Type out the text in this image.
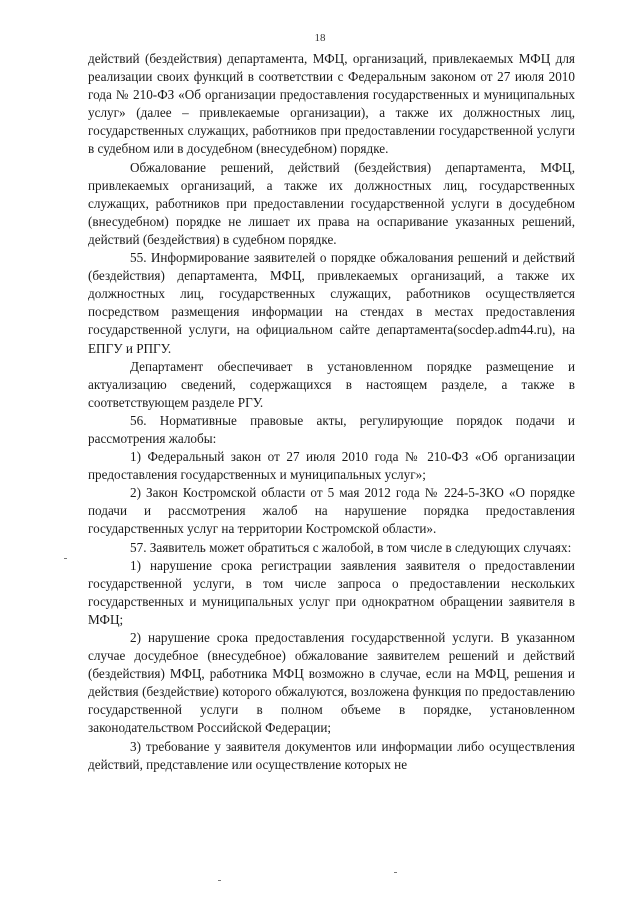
18

действий (бездействия) департамента, МФЦ, организаций, привлекаемых МФЦ для реализации своих функций в соответствии с Федеральным законом от 27 июля 2010 года № 210-ФЗ «Об организации предоставления государственных и муниципальных услуг» (далее – привлекаемые организации), а также их должностных лиц, государственных служащих, работников при предоставлении государственной услуги в судебном или в досудебном (внесудебном) порядке.

Обжалование решений, действий (бездействия) департамента, МФЦ, привлекаемых организаций, а также их должностных лиц, государственных служащих, работников при предоставлении государственной услуги в досудебном (внесудебном) порядке не лишает их права на оспаривание указанных решений, действий (бездействия) в судебном порядке.

55. Информирование заявителей о порядке обжалования решений и действий (бездействия) департамента, МФЦ, привлекаемых организаций, а также их должностных лиц, государственных служащих, работников осуществляется посредством размещения информации на стендах в местах предоставления государственной услуги, на официальном сайте департамента(socdep.adm44.ru), на ЕПГУ и РПГУ.

Департамент обеспечивает в установленном порядке размещение и актуализацию сведений, содержащихся в настоящем разделе, а также в соответствующем разделе РГУ.

56. Нормативные правовые акты, регулирующие порядок подачи и рассмотрения жалобы:

1) Федеральный закон от 27 июля 2010 года № 210-ФЗ «Об организации предоставления государственных и муниципальных услуг»;

2) Закон Костромской области от 5 мая 2012 года № 224-5-ЗКО «О порядке подачи и рассмотрения жалоб на нарушение порядка предоставления государственных услуг на территории Костромской области».

57. Заявитель может обратиться с жалобой, в том числе в следующих случаях:

1) нарушение срока регистрации заявления заявителя о предоставлении государственной услуги, в том числе запроса о предоставлении нескольких государственных и муниципальных услуг при однократном обращении заявителя в МФЦ;

2) нарушение срока предоставления государственной услуги. В указанном случае досудебное (внесудебное) обжалование заявителем решений и действий (бездействия) МФЦ, работника МФЦ возможно в случае, если на МФЦ, решения и действия (бездействие) которого обжалуются, возложена функция по предоставлению государственной услуги в полном объеме в порядке, установленном законодательством Российской Федерации;

3) требование у заявителя документов или информации либо осуществления действий, представление или осуществление которых не
